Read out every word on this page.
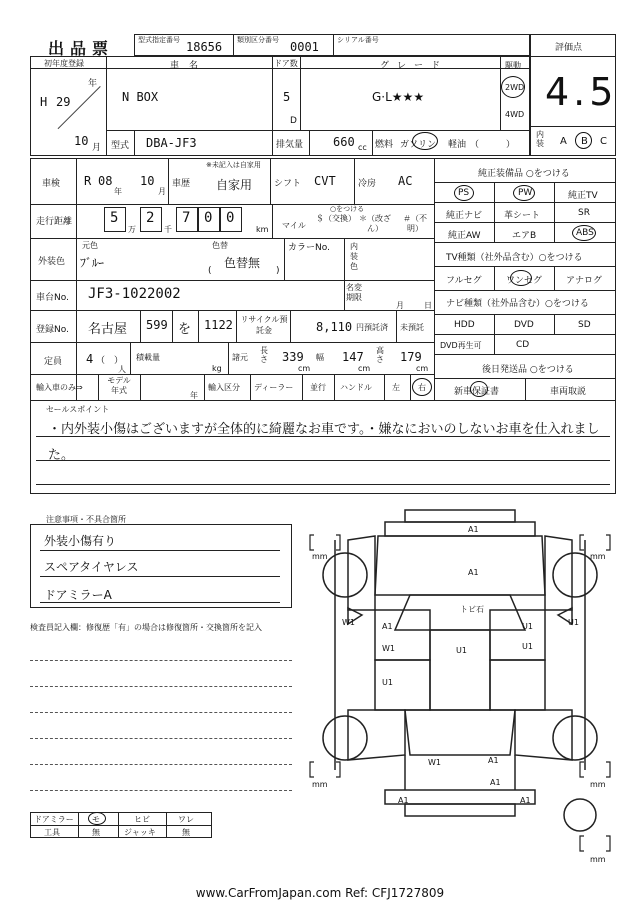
出品票	型式指定番号 18656 類別区分番号 0001	シリアル番号
評価点
4.5
内装 A B C
初年度登録
H 29
年
10 月
車名
N BOX
型式 DBA-JF3
ドア数
5
D
グレード
G·L★★★
駆動
2WD
4WD
排気量 660 cc 燃料 ガソリン 軽油 （　　　）
車検 R 08
年
10
月
車歴
※未記入は自家用
自家用 シフト CVT 冷房 AC
走行距離	5
万
2
千
7 0 0
km
○をつける
マイル
＄（交換） ＊（改ざん）
＃（不明）
外装色
元色
ﾌﾞﾙｰ
色替
色替無
(	)
カラーNo.	内装色
車台No. JF3-1022002	名変期限
月	日
登録No. 名古屋 599 を 1122 リサイクル預託金	8,110 円預託済 未預託
定員 4 （　）
人
積載量
kg
諸元
長さ 339
cm
幅 147
cm
高さ 179
cm
輸入車のみ⇒
モデル年式
年
輸入区分 ディーラー 並行 ハンドル	左 右
純正装備品 ○をつける
PS	PW	純正TV
純正ナビ 革シート	SR
純正AW	エアB	ABS
TV種類（社外品含む）○をつける
フルセグ	ワンセグ	アナログ
ナビ種類（社外品含む）○をつける
HDD	DVD	SD
DVD再生可	CD
後日発送品 ○をつける
新車保証書	車両取説
セールスポイント
・内外装小傷はございますが全体的に綺麗なお車です。・嫌なにおいのしないお車を仕入れまし
た。
注意事項・不具合箇所
外装小傷有り
スペアタイヤレス
ドアミラーA
検査員記入欄：修復歴「有」の場合は修復箇所・交換箇所を記入
ドアミラー モ	ヒビ	ワレ
工具	無	ジャッキ	無
mm	mm
mm	mm
mm
A1
A1
トビ石
W1	A1	U1	U1
W1	U1	U1
U1
W1	A1
A1
A1	A1
www.CarFromJapan.com Ref: CFJ1727809
